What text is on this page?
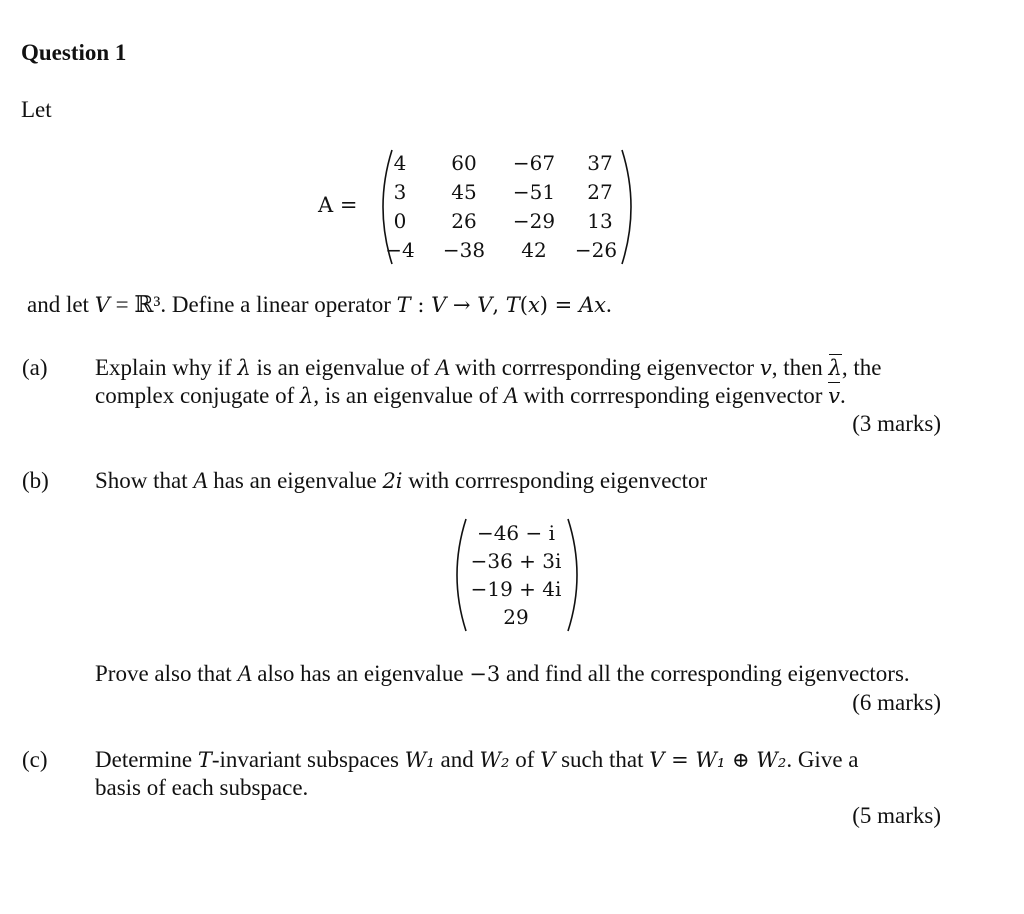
Question 1
Let
A =
4	60	−67	37
3	45	−51	27
0	26	−29	13
−4	−38	42	−26
and let V = ℝ³. Define a linear operator T : V → V, T(x) = Ax.
(a) Explain why if λ is an eigenvalue of A with corrresponding eigenvector v, then λ, the
complex conjugate of λ, is an eigenvalue of A with corrresponding eigenvector v.
(3 marks)
(b) Show that A has an eigenvalue 2i with corrresponding eigenvector
−46 − i
−36 + 3i
−19 + 4i
29
Prove also that A also has an eigenvalue −3 and find all the corresponding eigenvectors.
(6 marks)
(c) Determine T-invariant subspaces W₁ and W₂ of V such that V = W₁ ⊕ W₂. Give a
basis of each subspace.
(5 marks)
